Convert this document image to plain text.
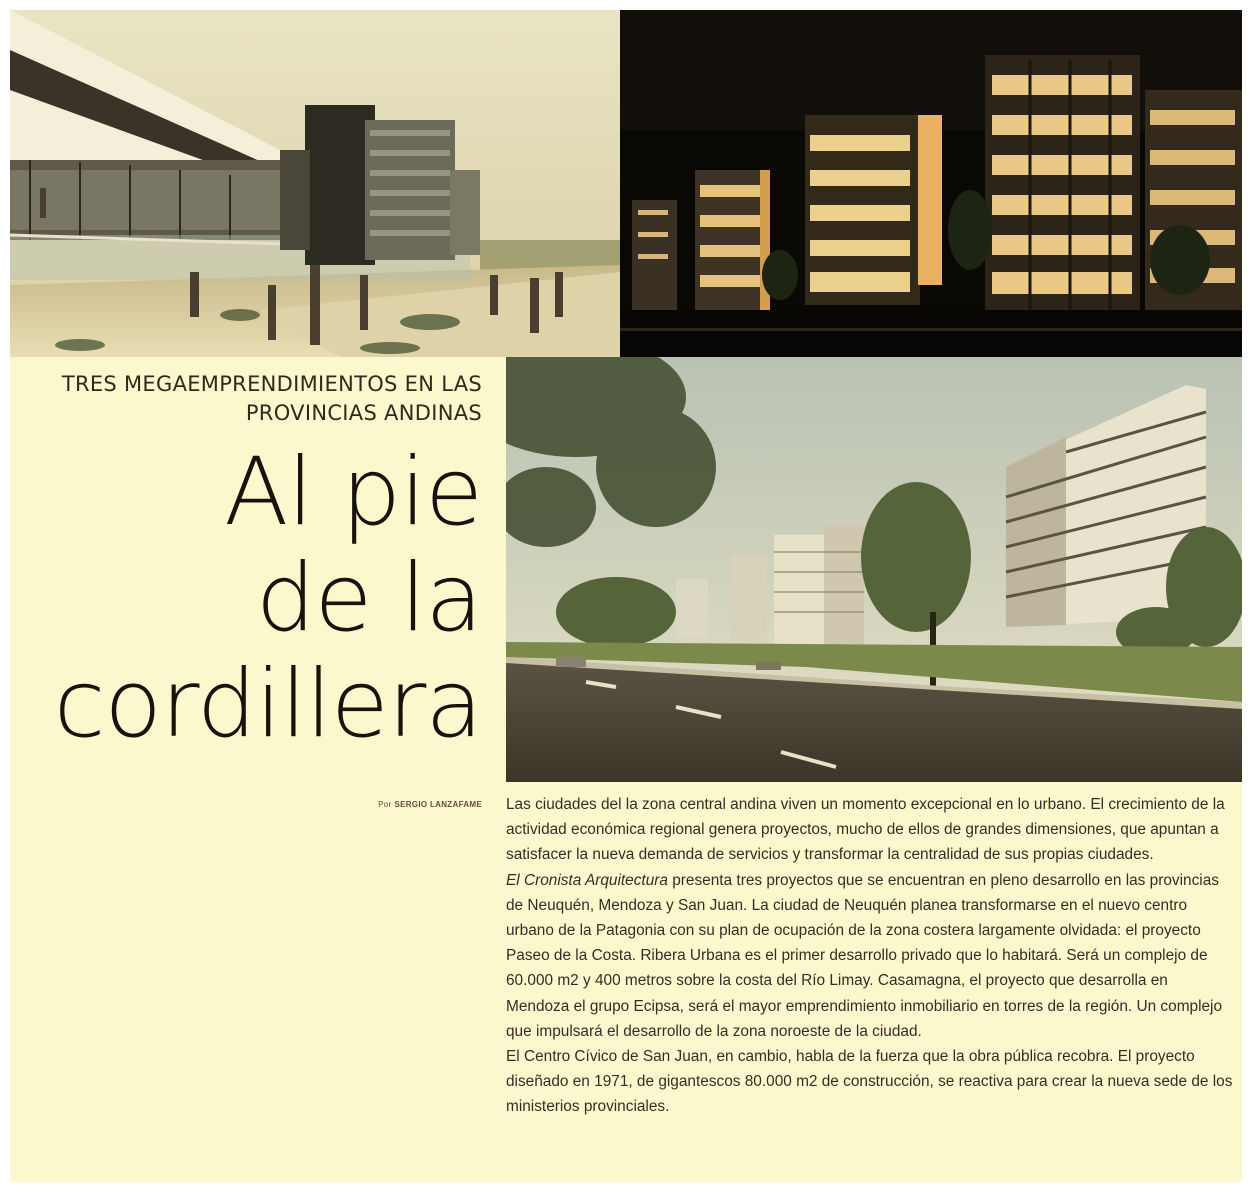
TRES MEGAEMPRENDIMIENTOS EN LAS
PROVINCIAS ANDINAS
Al pie
de la
cordillera
Por SERGIO LANZAFAME Las ciudades del la zona central andina viven un momento excepcional en lo urbano. El crecimiento de la actividad económica regional genera proyectos, mucho de ellos de grandes dimensiones, que apuntan a satisfacer la nueva demanda de servicios y transformar la centralidad de sus propias ciudades.

El Cronista Arquitectura presenta tres proyectos que se encuentran en pleno desarrollo en las provincias de Neuquén, Mendoza y San Juan. La ciudad de Neuquén planea transformarse en el nuevo centro urbano de la Patagonia con su plan de ocupación de la zona costera largamente olvidada: el proyecto Paseo de la Costa. Ribera Urbana es el primer desarrollo privado que lo habitará. Será un complejo de 60.000 m2 y 400 metros sobre la costa del Río Limay. Casamagna, el proyecto que desarrolla en Mendoza el grupo Ecipsa, será el mayor emprendimiento inmobiliario en torres de la región. Un complejo que impulsará el desarrollo de la zona noroeste de la ciudad.

El Centro Cívico de San Juan, en cambio, habla de la fuerza que la obra pública recobra. El proyecto diseñado en 1971, de gigantescos 80.000 m2 de construcción, se reactiva para crear la nueva sede de los ministerios provinciales.
